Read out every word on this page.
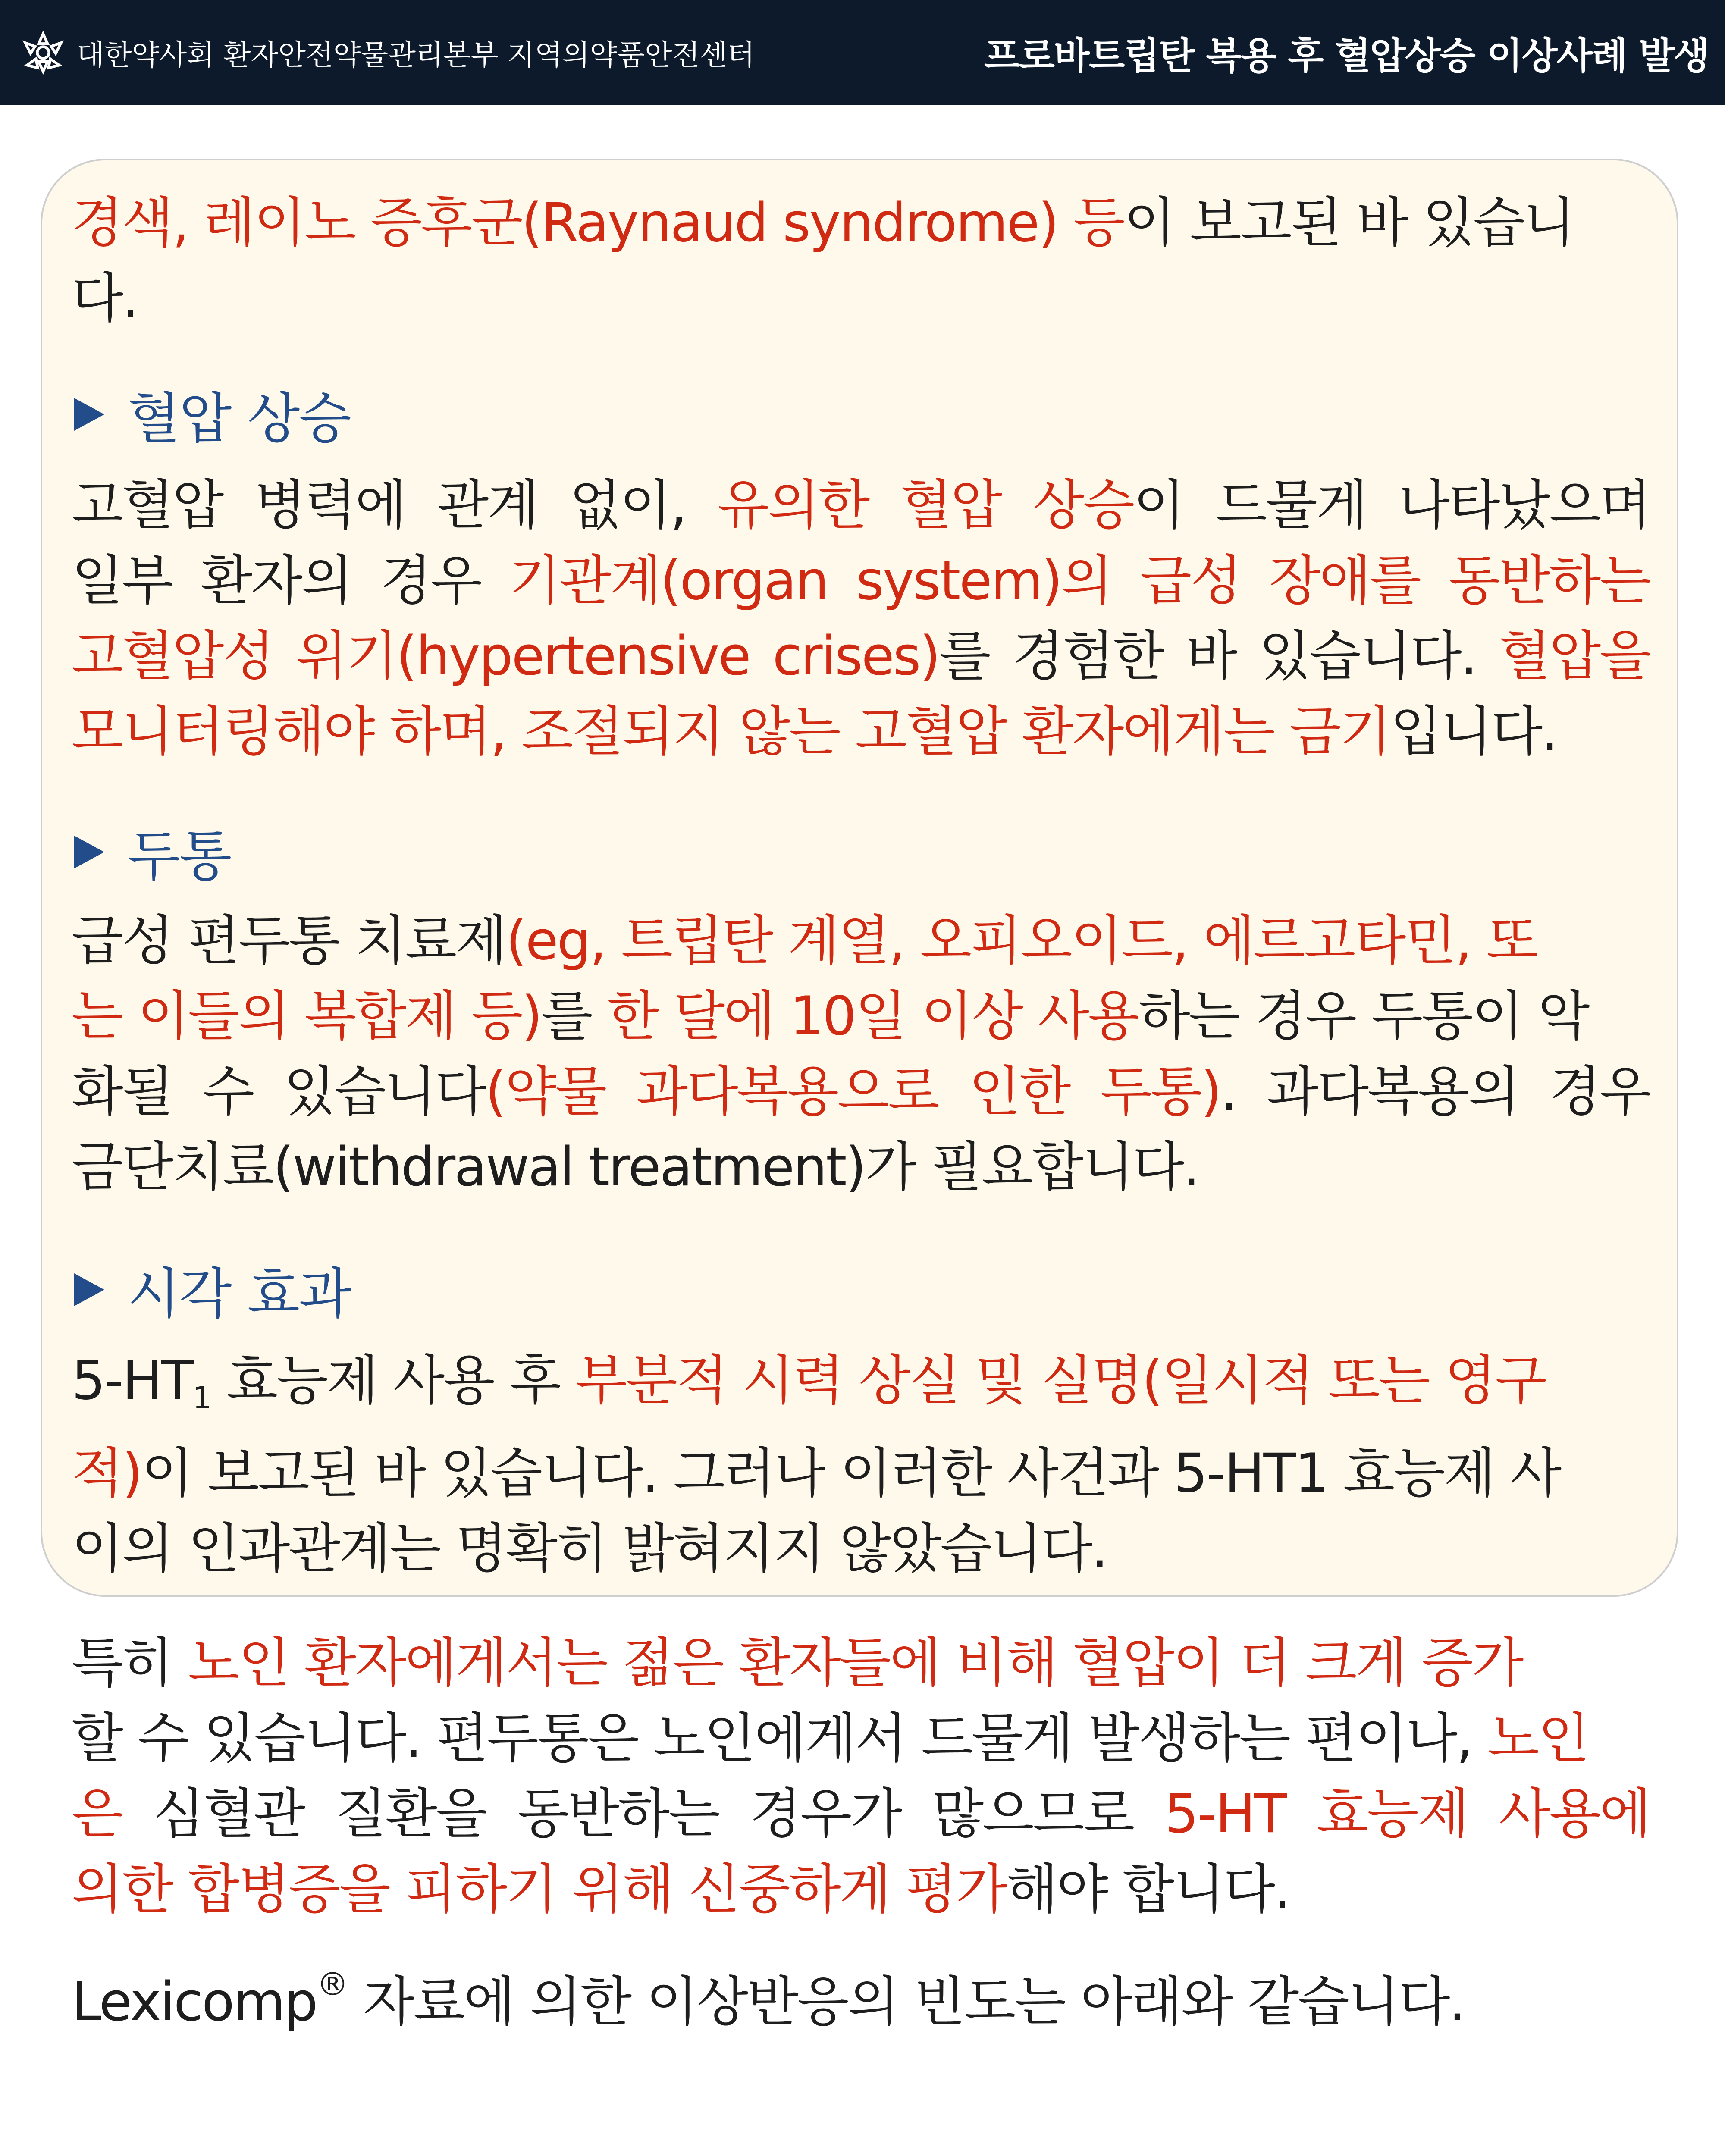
대한약사회 환자안전약물관리본부 지역의약품안전센터	프로바트립탄 복용 후 혈압상승 이상사례 발생
경색, 레이노 증후군(Raynaud syndrome) 등이 보고된 바 있습니
다.
혈압 상승
고혈압 병력에 관계 없이, 유의한 혈압 상승이 드물게 나타났으며
일부 환자의 경우 기관계(organ system)의 급성 장애를 동반하는
고혈압성 위기(hypertensive crises)를 경험한 바 있습니다. 혈압을
모니터링해야 하며, 조절되지 않는 고혈압 환자에게는 금기입니다.
두통
급성 편두통 치료제(eg, 트립탄 계열, 오피오이드, 에르고타민, 또
는 이들의 복합제 등)를 한 달에 10일 이상 사용하는 경우 두통이 악
화될 수 있습니다(약물 과다복용으로 인한 두통). 과다복용의 경우
금단치료(withdrawal treatment)가 필요합니다.
시각 효과
5-HT1 효능제 사용 후 부분적 시력 상실 및 실명(일시적 또는 영구
적)이 보고된 바 있습니다. 그러나 이러한 사건과 5-HT1 효능제 사
이의 인과관계는 명확히 밝혀지지 않았습니다.
특히 노인 환자에게서는 젊은 환자들에 비해 혈압이 더 크게 증가
할 수 있습니다. 편두통은 노인에게서 드물게 발생하는 편이나, 노인
은 심혈관 질환을 동반하는 경우가 많으므로 5-HT 효능제 사용에
의한 합병증을 피하기 위해 신중하게 평가해야 합니다.
Lexicomp® 자료에 의한 이상반응의 빈도는 아래와 같습니다.
